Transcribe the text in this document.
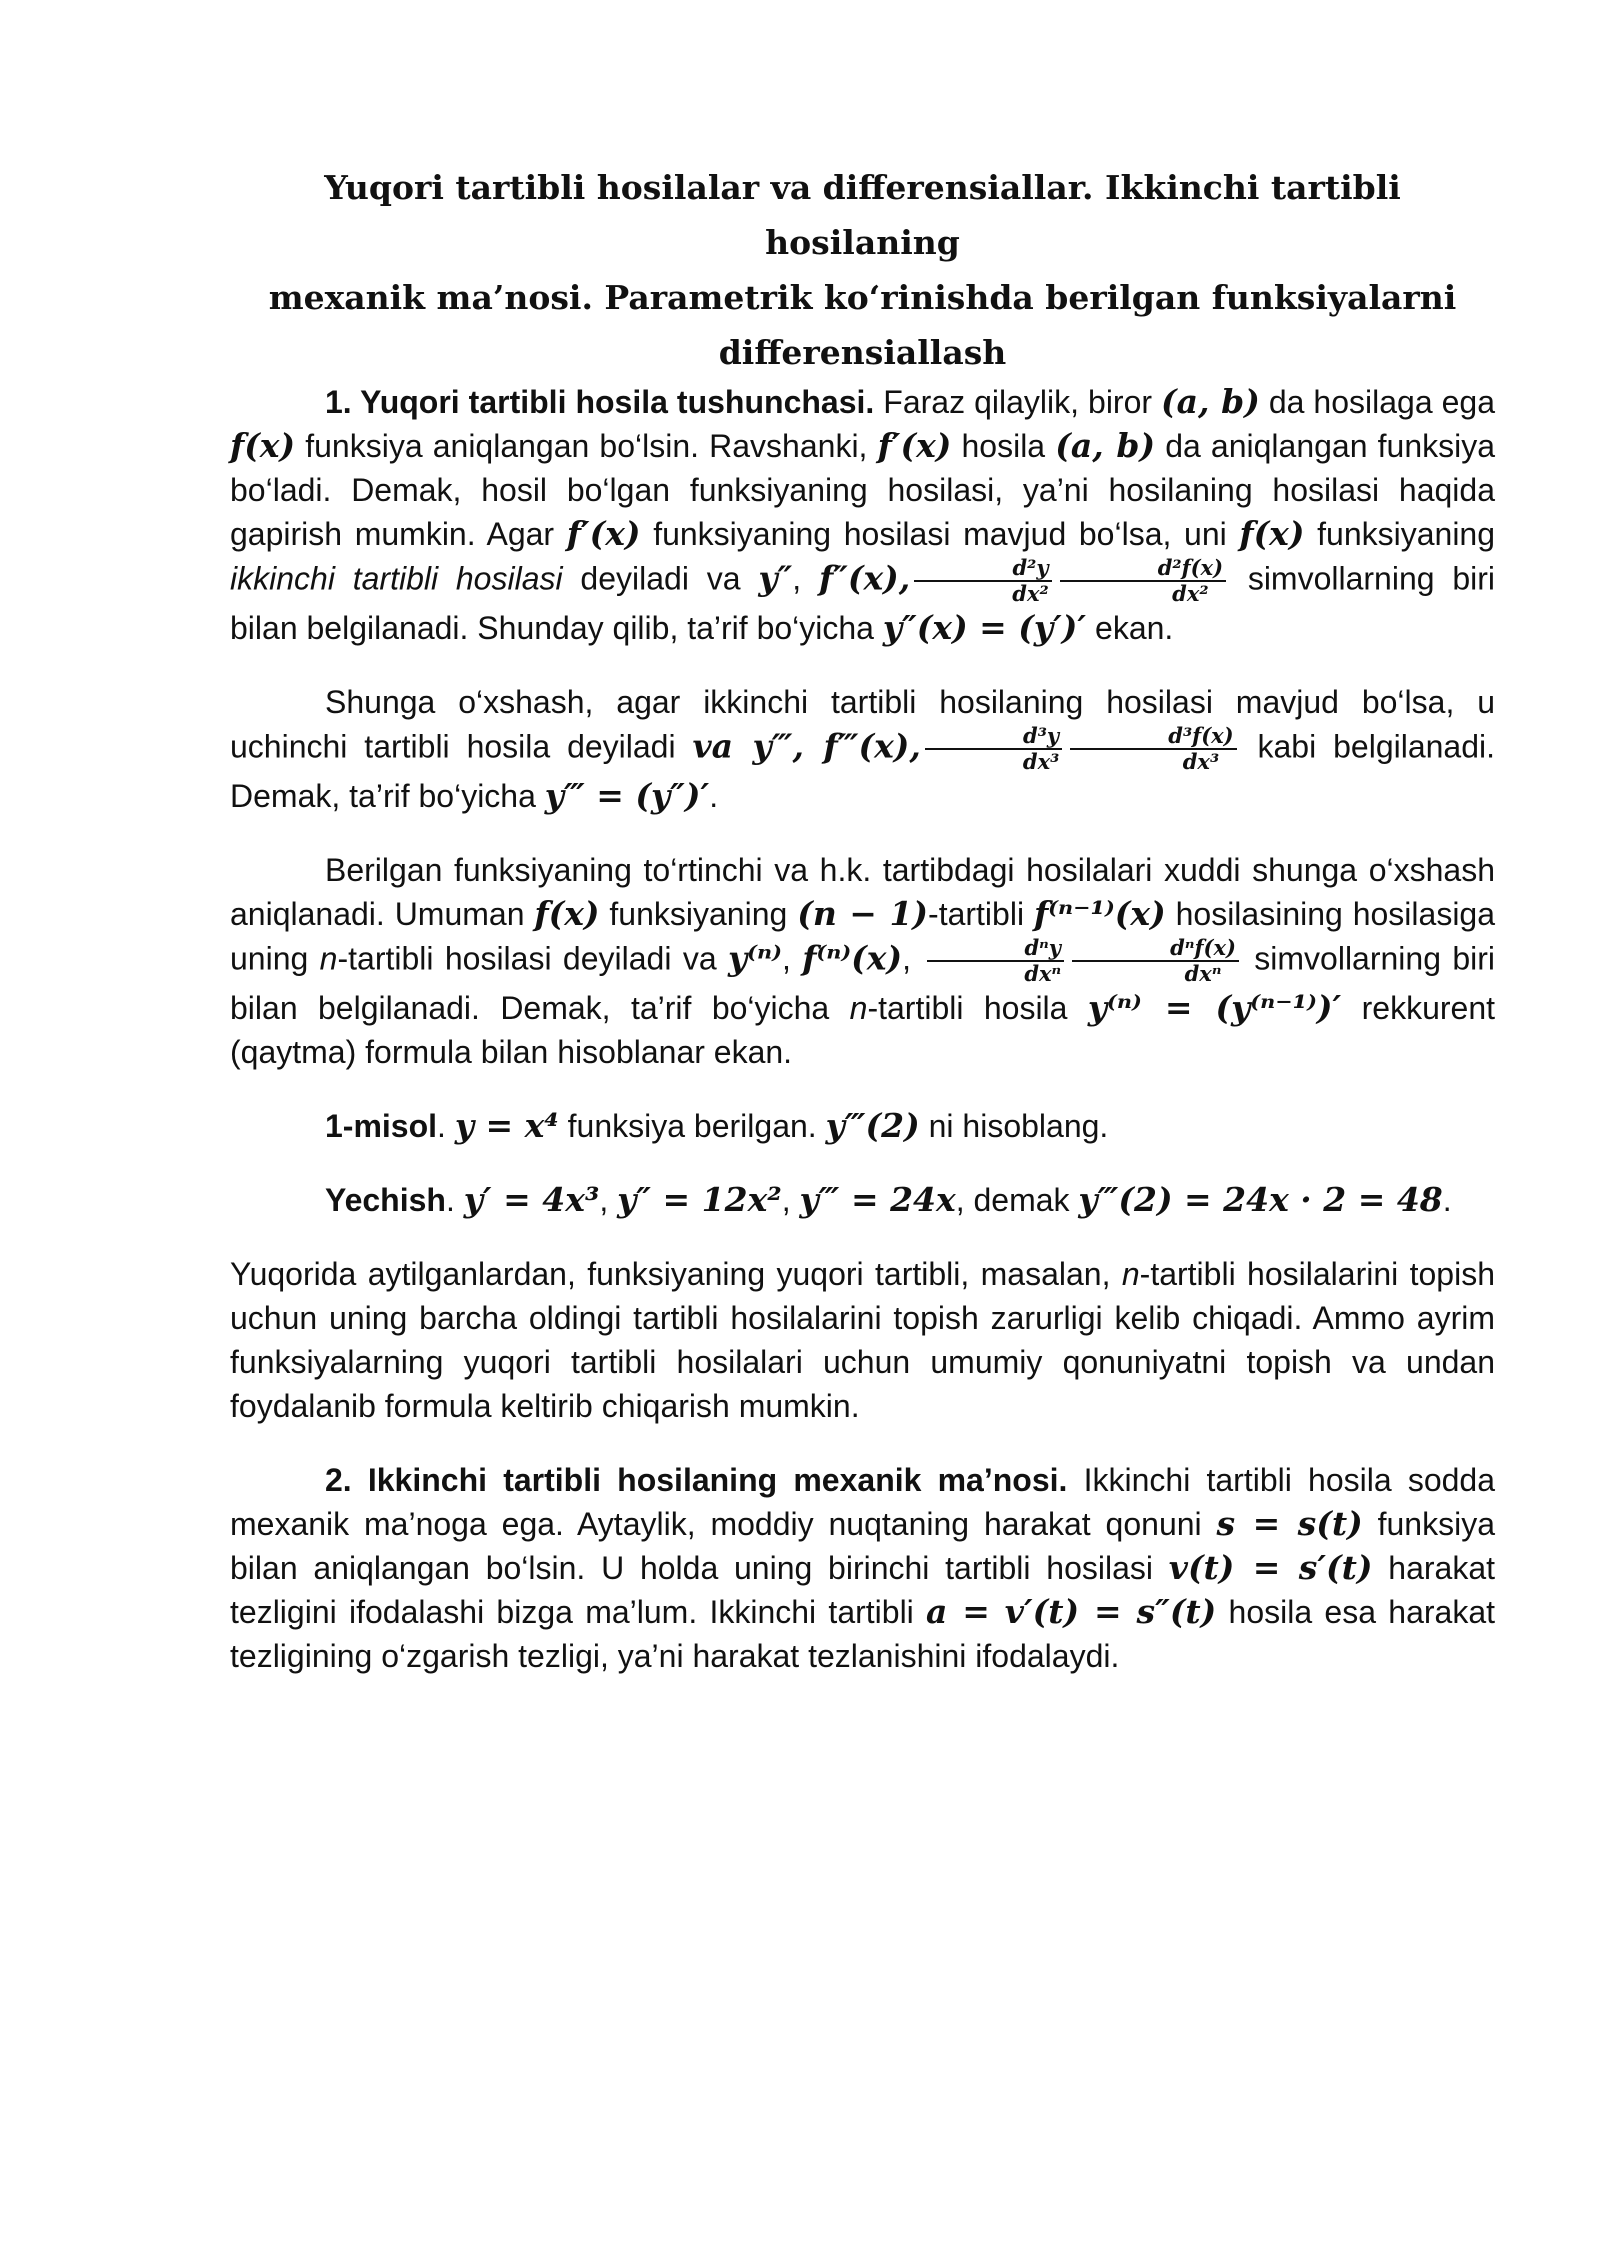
Yuqori tartibli hosilalar va differensiallar. Ikkinchi tartibli hosilaning
mexanik ma’nosi. Parametrik ko‘rinishda berilgan funksiyalarni
differensiallash

1. Yuqori tartibli hosila tushunchasi. Faraz qilaylik, biror (a, b) da hosilaga ega f(x) funksiya aniqlangan bo‘lsin. Ravshanki, f′(x) hosila (a, b) da aniqlangan funksiya bo‘ladi. Demak, hosil bo‘lgan funksiyaning hosilasi, ya’ni hosilaning hosilasi haqida gapirish mumkin. Agar f′(x) funksiyaning hosilasi mavjud bo‘lsa, uni f(x) funksiyaning ikkinchi tartibli hosilasi deyiladi va y″, f″(x), $\frac{\text{d²y}}{\text{dx²}} \frac{\text{d²f(x)}}{\text{dx²}}$ simvollarning biri bilan belgilanadi. Shunday qilib, ta’rif bo‘yicha y″(x) = (y′)′ ekan.

Shunga o‘xshash, agar ikkinchi tartibli hosilaning hosilasi mavjud bo‘lsa, u uchinchi tartibli hosila deyiladi va y‴, f‴(x), $\frac{\text{d³y}}{\text{dx³}} \frac{\text{d³f(x)}}{\text{dx³}}$ kabi belgilanadi. Demak, ta’rif bo‘yicha y‴ = (y″)′.

Berilgan funksiyaning to‘rtinchi va h.k. tartibdagi hosilalari xuddi shunga o‘xshash aniqlanadi. Umuman f(x) funksiyaning (n − 1)-tartibli f⁽ⁿ⁻¹⁾(x) hosilasining hosilasiga uning n-tartibli hosilasi deyiladi va y⁽ⁿ⁾, f⁽ⁿ⁾(x), $\frac{\text{dⁿy}}{\text{dxⁿ}} \frac{\text{dⁿf(x)}}{\text{dxⁿ}}$ simvollarning biri bilan belgilanadi. Demak, ta’rif bo‘yicha n-tartibli hosila y⁽ⁿ⁾ = (y⁽ⁿ⁻¹⁾)′ rekkurent (qaytma) formula bilan hisoblanar ekan.

1-misol. y = x⁴ funksiya berilgan. y‴(2) ni hisoblang.

Yechish. y′ = 4x³, y″ = 12x², y‴ = 24x, demak y‴(2) = 24x · 2 = 48.

Yuqorida aytilganlardan, funksiyaning yuqori tartibli, masalan, n-tartibli hosilalarini topish uchun uning barcha oldingi tartibli hosilalarini topish zarurligi kelib chiqadi. Ammo ayrim funksiyalarning yuqori tartibli hosilalari uchun umumiy qonuniyatni topish va undan foydalanib formula keltirib chiqarish mumkin.

2. Ikkinchi tartibli hosilaning mexanik ma’nosi. Ikkinchi tartibli hosila sodda mexanik ma’noga ega. Aytaylik, moddiy nuqtaning harakat qonuni s = s(t) funksiya bilan aniqlangan bo‘lsin. U holda uning birinchi tartibli hosilasi v(t) = s′(t) harakat tezligini ifodalashi bizga ma’lum. Ikkinchi tartibli a = v′(t) = s″(t) hosila esa harakat tezligining o‘zgarish tezligi, ya’ni harakat tezlanishini ifodalaydi.
